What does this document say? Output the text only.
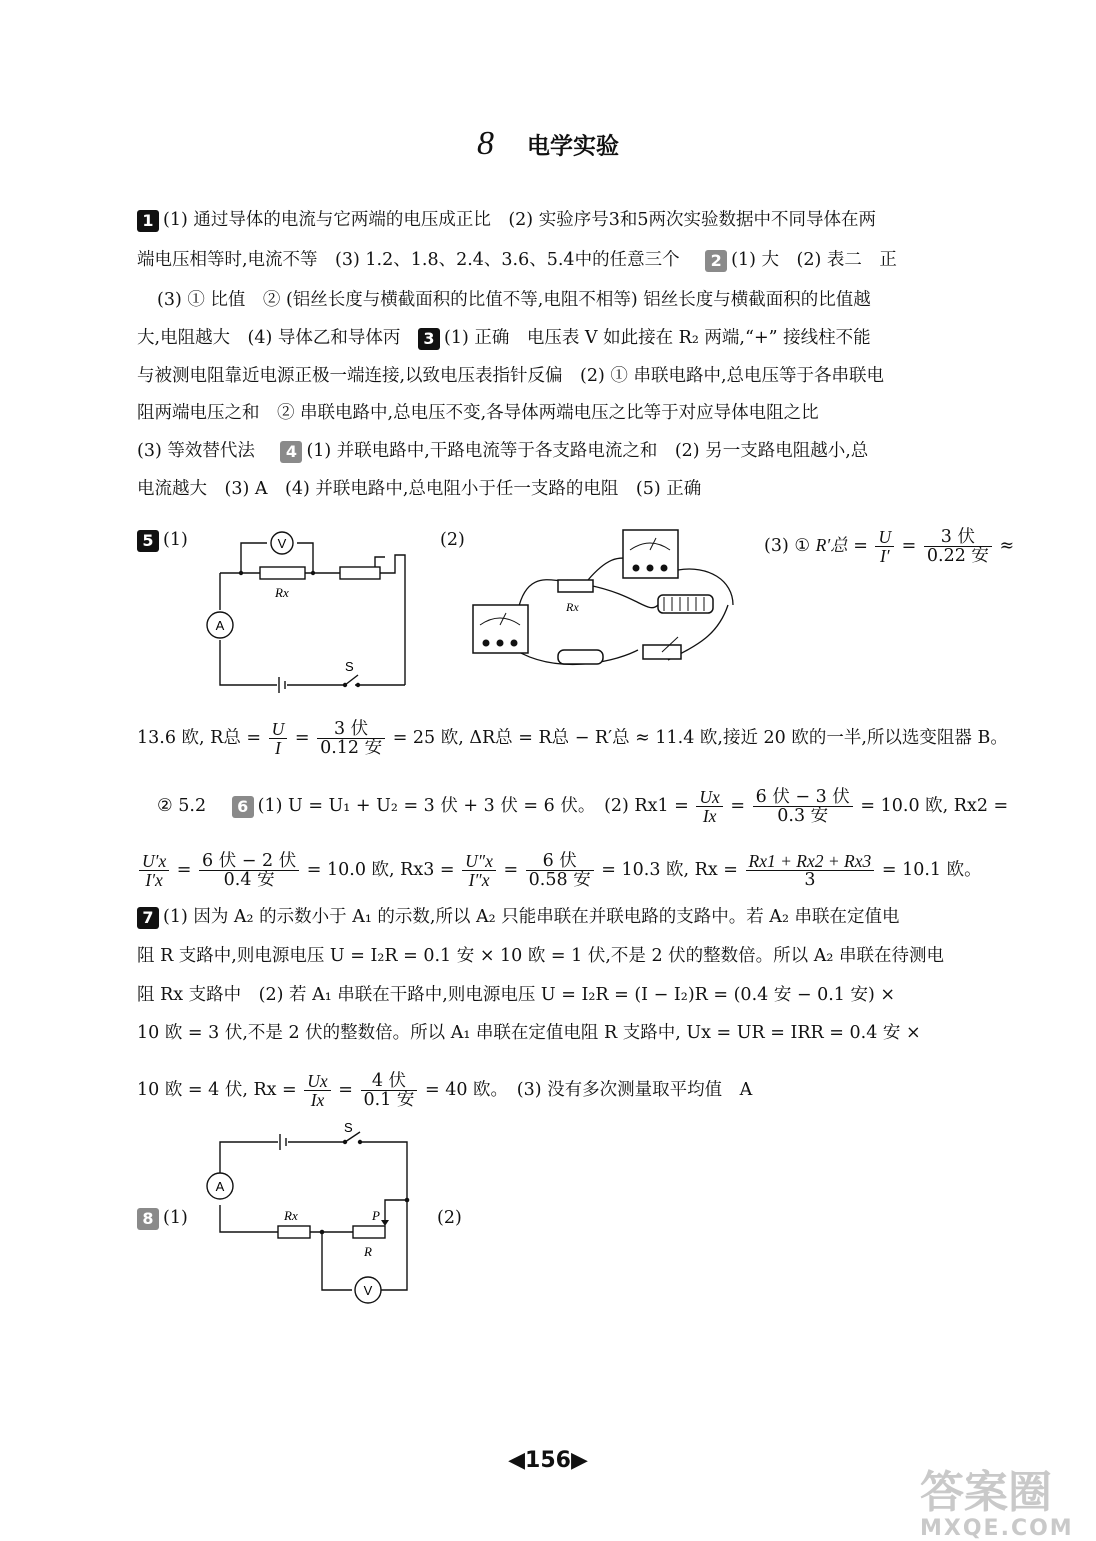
8 电学实验
1 (1) 通过导体的电流与它两端的电压成正比　(2) 实验序号3和5两次实验数据中不同导体在两
端电压相等时,电流不等　(3) 1.2、1.8、2.4、3.6、5.4中的任意三个 2 (1) 大　(2) 表二　正
(3) ① 比值　② (铝丝长度与横截面积的比值不等,电阻不相等) 铝丝长度与横截面积的比值越
大,电阻越大　(4) 导体乙和导体丙 3 (1) 正确　电压表 V 如此接在 R₂ 两端,“+” 接线柱不能
与被测电阻靠近电源正极一端连接,以致电压表指针反偏　(2) ① 串联电路中,总电压等于各串联电
阻两端电压之和　② 串联电路中,总电压不变,各导体两端电压之比等于对应导体电阻之比
(3) 等效替代法 4 (1) 并联电路中,干路电流等于各支路电流之和　(2) 另一支路电阻越小,总
电流越大　(3) A　(4) 并联电路中,总电阻小于任一支路的电阻　(5) 正确
5 (1)	V
A
Rx
S
(2)
Rx
(3) ① R′总 = $\frac{U}{I'} = \frac{\text{3 伏}}{\text{0.22 安}}$ ≈
13.6 欧, R总 = $\frac{U}{I} = \frac{\text{3 伏}}{\text{0.12 安}} = 25$ 欧, ΔR总 = R总 − R′总 ≈ 11.4 欧,接近 20 欧的一半,所以选变阻器 B。
② 5.2 6 (1) U = U₁ + U₂ = 3 伏 + 3 伏 = 6 伏。　(2) $Rx1 = \frac{Ux}{Ix} = \frac{\text{6 伏 − 3 伏}}{\text{0.3 安}} = 10.0$ 欧, Rx2 =
$\frac{U'x}{I'x} = \frac{\text{6 伏 − 2 伏}}{\text{0.4 安}} = 10.0$ 欧, $Rx3 = \frac{U''x}{I''x} = \frac{\text{6 伏}}{\text{0.58 安}} = 10.3$ 欧, $Rx = \frac{Rx1 + Rx2 + Rx3}{3} = 10.1$ 欧。
7 (1) 因为 A₂ 的示数小于 A₁ 的示数,所以 A₂ 只能串联在并联电路的支路中。若 A₂ 串联在定值电
阻 R 支路中,则电源电压 U = I₂R = 0.1 安 × 10 欧 = 1 伏,不是 2 伏的整数倍。所以 A₂ 串联在待测电
阻 Rx 支路中　(2) 若 A₁ 串联在干路中,则电源电压 U = I₂R = (I − I₂)R = (0.4 安 − 0.1 安) ×
10 欧 = 3 伏,不是 2 伏的整数倍。所以 A₁ 串联在定值电阻 R 支路中, Ux = UR = IRR = 0.4 安 ×
10 欧 = 4 伏, $Rx = \frac{Ux}{Ix} = \frac{\text{4 伏}}{\text{0.1 安}} = 40$ 欧。　(3) 没有多次测量取平均值　A
8 (1)
A
V
S
Rx	P
R
(2)
◀156▶
答案圈
MXQE.COM
